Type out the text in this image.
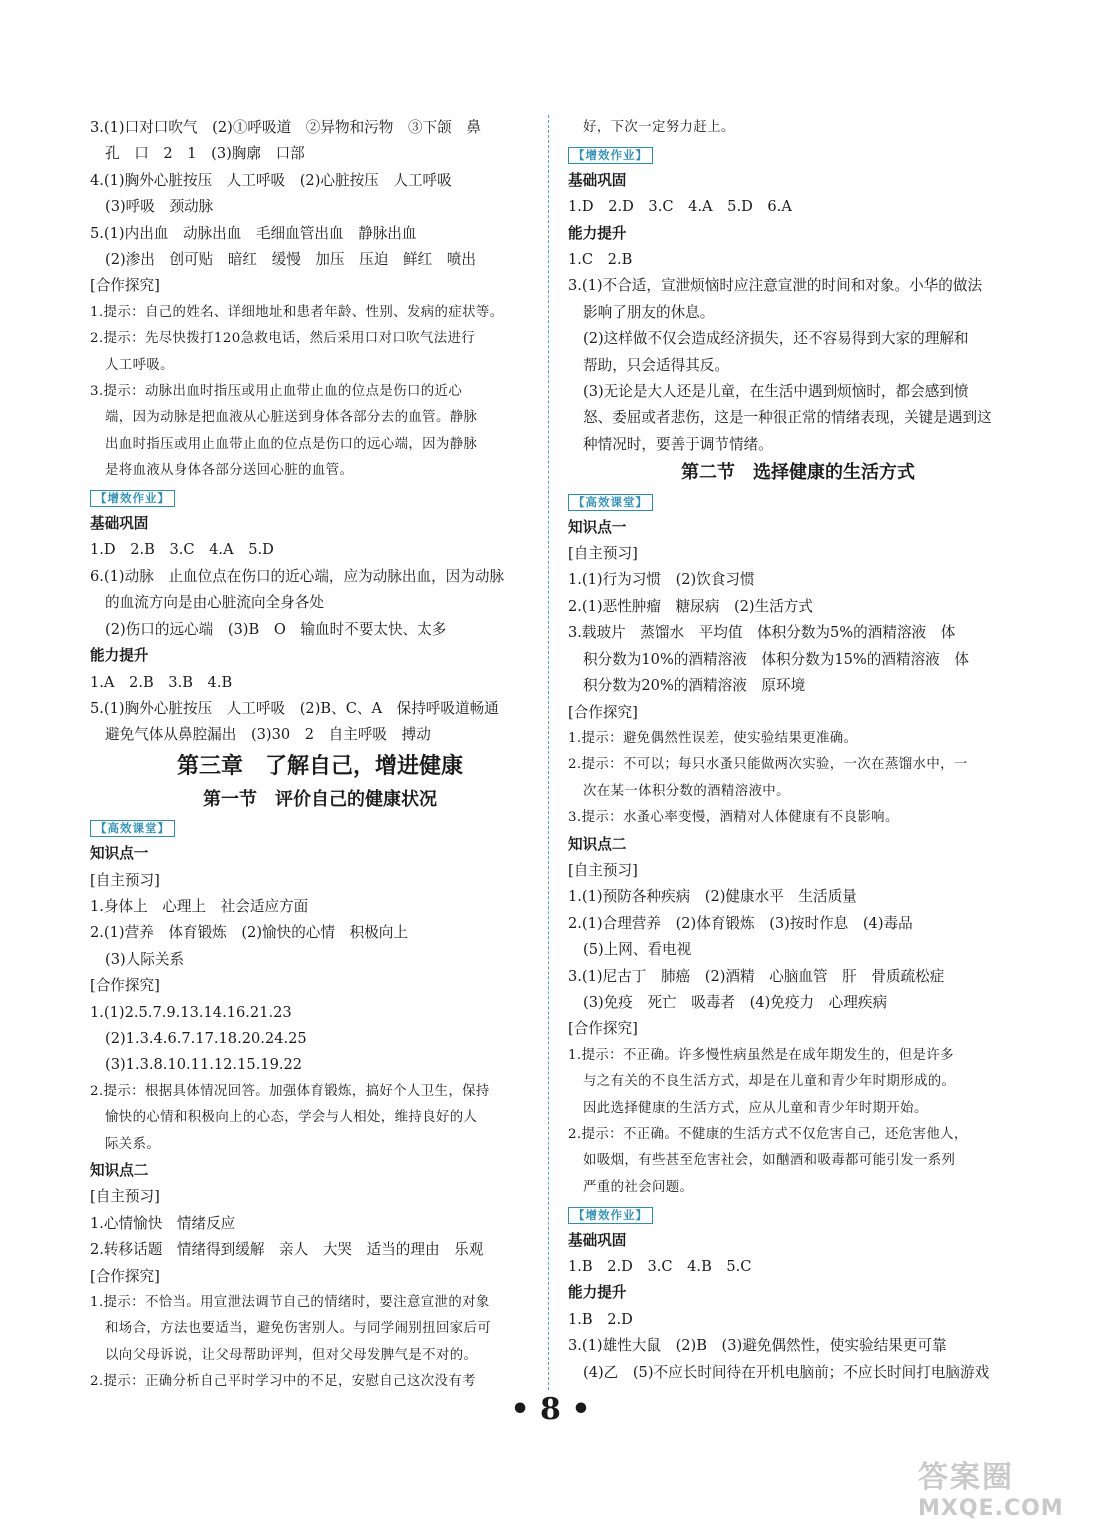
3.(1)口对口吹气　(2)①呼吸道　②异物和污物　③下颌　鼻
孔　口　2　1　(3)胸廓　口部
4.(1)胸外心脏按压　人工呼吸　(2)心脏按压　人工呼吸
(3)呼吸　颈动脉
5.(1)内出血　动脉出血　毛细血管出血　静脉出血
(2)渗出　创可贴　暗红　缓慢　加压　压迫　鲜红　喷出
[合作探究]
1.提示：自己的姓名、详细地址和患者年龄、性别、发病的症状等。
2.提示：先尽快拨打120急救电话，然后采用口对口吹气法进行
人工呼吸。
3.提示：动脉出血时指压或用止血带止血的位点是伤口的近心
端，因为动脉是把血液从心脏送到身体各部分去的血管。静脉
出血时指压或用止血带止血的位点是伤口的远心端，因为静脉
是将血液从身体各部分送回心脏的血管。
【增效作业】
基础巩固
1.D　2.B　3.C　4.A　5.D
6.(1)动脉　止血位点在伤口的近心端，应为动脉出血，因为动脉
的血流方向是由心脏流向全身各处
(2)伤口的远心端　(3)B　O　输血时不要太快、太多
能力提升
1.A　2.B　3.B　4.B
5.(1)胸外心脏按压　人工呼吸　(2)B、C、A　保持呼吸道畅通
避免气体从鼻腔漏出　(3)30　2　自主呼吸　搏动
第三章　了解自己，增进健康
第一节　评价自己的健康状况
【高效课堂】
知识点一
[自主预习]
1.身体上　心理上　社会适应方面
2.(1)营养　体育锻炼　(2)愉快的心情　积极向上
(3)人际关系
[合作探究]
1.(1)2.5.7.9.13.14.16.21.23
(2)1.3.4.6.7.17.18.20.24.25
(3)1.3.8.10.11.12.15.19.22
2.提示：根据具体情况回答。加强体育锻炼，搞好个人卫生，保持
愉快的心情和积极向上的心态，学会与人相处，维持良好的人
际关系。
知识点二
[自主预习]
1.心情愉快　情绪反应
2.转移话题　情绪得到缓解　亲人　大哭　适当的理由　乐观
[合作探究]
1.提示：不恰当。用宣泄法调节自己的情绪时，要注意宣泄的对象
和场合，方法也要适当，避免伤害别人。与同学闹别扭回家后可
以向父母诉说，让父母帮助评判，但对父母发脾气是不对的。
2.提示：正确分析自己平时学习中的不足，安慰自己这次没有考
好，下次一定努力赶上。
【增效作业】
基础巩固
1.D　2.D　3.C　4.A　5.D　6.A
能力提升
1.C　2.B
3.(1)不合适，宣泄烦恼时应注意宣泄的时间和对象。小华的做法
影响了朋友的休息。
(2)这样做不仅会造成经济损失，还不容易得到大家的理解和
帮助，只会适得其反。
(3)无论是大人还是儿童，在生活中遇到烦恼时，都会感到愤
怒、委屈或者悲伤，这是一种很正常的情绪表现，关键是遇到这
种情况时，要善于调节情绪。
第二节　选择健康的生活方式
【高效课堂】
知识点一
[自主预习]
1.(1)行为习惯　(2)饮食习惯
2.(1)恶性肿瘤　糖尿病　(2)生活方式
3.载玻片　蒸馏水　平均值　体积分数为5%的酒精溶液　体
积分数为10%的酒精溶液　体积分数为15%的酒精溶液　体
积分数为20%的酒精溶液　原环境
[合作探究]
1.提示：避免偶然性误差，使实验结果更准确。
2.提示：不可以；每只水蚤只能做两次实验，一次在蒸馏水中，一
次在某一体积分数的酒精溶液中。
3.提示：水蚤心率变慢，酒精对人体健康有不良影响。
知识点二
[自主预习]
1.(1)预防各种疾病　(2)健康水平　生活质量
2.(1)合理营养　(2)体育锻炼　(3)按时作息　(4)毒品
(5)上网、看电视
3.(1)尼古丁　肺癌　(2)酒精　心脑血管　肝　骨质疏松症
(3)免疫　死亡　吸毒者　(4)免疫力　心理疾病
[合作探究]
1.提示：不正确。许多慢性病虽然是在成年期发生的，但是许多
与之有关的不良生活方式，却是在儿童和青少年时期形成的。
因此选择健康的生活方式，应从儿童和青少年时期开始。
2.提示：不正确。不健康的生活方式不仅危害自己，还危害他人，
如吸烟，有些甚至危害社会，如酗酒和吸毒都可能引发一系列
严重的社会问题。
【增效作业】
基础巩固
1.B　2.D　3.C　4.B　5.C
能力提升
1.B　2.D
3.(1)雄性大鼠　(2)B　(3)避免偶然性，使实验结果更可靠
(4)乙　(5)不应长时间待在开机电脑前；不应长时间打电脑游戏
• 8 •
答案圈
MXQE.COM
